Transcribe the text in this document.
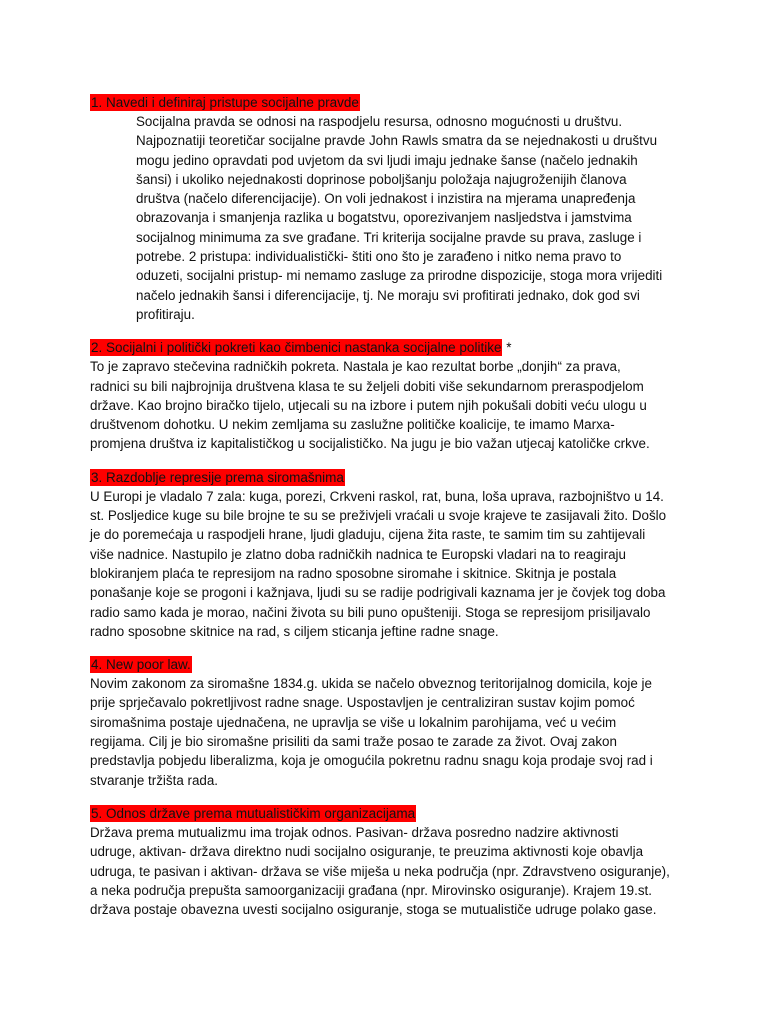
1. Navedi i definiraj pristupe socijalne pravde

Socijalna pravda se odnosi na raspodjelu resursa, odnosno mogućnosti u društvu.
Najpoznatiji teoretičar socijalne pravde John Rawls smatra da se nejednakosti u društvu
mogu jedino opravdati pod uvjetom da svi ljudi imaju jednake šanse (načelo jednakih
šansi) i ukoliko nejednakosti doprinose poboljšanju položaja najugroženijih članova
društva (načelo diferencijacije). On voli jednakost i inzistira na mjerama unapređenja
obrazovanja i smanjenja razlika u bogatstvu, oporezivanjem nasljedstva i jamstvima
socijalnog minimuma za sve građane. Tri kriterija socijalne pravde su prava, zasluge i
potrebe. 2 pristupa: individualistički- štiti ono što je zarađeno i nitko nema pravo to
oduzeti, socijalni pristup- mi nemamo zasluge za prirodne dispozicije, stoga mora vrijediti
načelo jednakih šansi i diferencijacije, tj. Ne moraju svi profitirati jednako, dok god svi
profitiraju.

2. Socijalni i politički pokreti kao čimbenici nastanka socijalne politike *

To je zapravo stečevina radničkih pokreta. Nastala je kao rezultat borbe „donjih“ za prava,
radnici su bili najbrojnija društvena klasa te su željeli dobiti više sekundarnom preraspodjelom
države. Kao brojno biračko tijelo, utjecali su na izbore i putem njih pokušali dobiti veću ulogu u
društvenom dohotku. U nekim zemljama su zaslužne političke koalicije, te imamo Marxa-
promjena društva iz kapitalističkog u socijalističko. Na jugu je bio važan utjecaj katoličke crkve.

3. Razdoblje represije prema siromašnima

U Europi je vladalo 7 zala: kuga, porezi, Crkveni raskol, rat, buna, loša uprava, razbojništvo u 14.
st. Posljedice kuge su bile brojne te su se preživjeli vraćali u svoje krajeve te zasijavali žito. Došlo
je do poremećaja u raspodjeli hrane, ljudi gladuju, cijena žita raste, te samim tim su zahtijevali
više nadnice. Nastupilo je zlatno doba radničkih nadnica te Europski vladari na to reagiraju
blokiranjem plaća te represijom na radno sposobne siromahe i skitnice. Skitnja je postala
ponašanje koje se progoni i kažnjava, ljudi su se radije podrigivali kaznama jer je čovjek tog doba
radio samo kada je morao, načini života su bili puno opušteniji. Stoga se represijom prisiljavalo
radno sposobne skitnice na rad, s ciljem sticanja jeftine radne snage.

4. New poor law.

Novim zakonom za siromašne 1834.g. ukida se načelo obveznog teritorijalnog domicila, koje je
prije sprječavalo pokretljivost radne snage. Uspostavljen je centraliziran sustav kojim pomoć
siromašnima postaje ujednačena, ne upravlja se više u lokalnim parohijama, već u većim
regijama. Cilj je bio siromašne prisiliti da sami traže posao te zarade za život. Ovaj zakon
predstavlja pobjedu liberalizma, koja je omogućila pokretnu radnu snagu koja prodaje svoj rad i
stvaranje tržišta rada.

5. Odnos države prema mutualističkim organizacijama

Država prema mutualizmu ima trojak odnos. Pasivan- država posredno nadzire aktivnosti
udruge, aktivan- država direktno nudi socijalno osiguranje, te preuzima aktivnosti koje obavlja
udruga, te pasivan i aktivan- država se više miješa u neka područja (npr. Zdravstveno osiguranje),
a neka područja prepušta samoorganizaciji građana (npr. Mirovinsko osiguranje). Krajem 19.st.
država postaje obavezna uvesti socijalno osiguranje, stoga se mutualističe udruge polako gase.
